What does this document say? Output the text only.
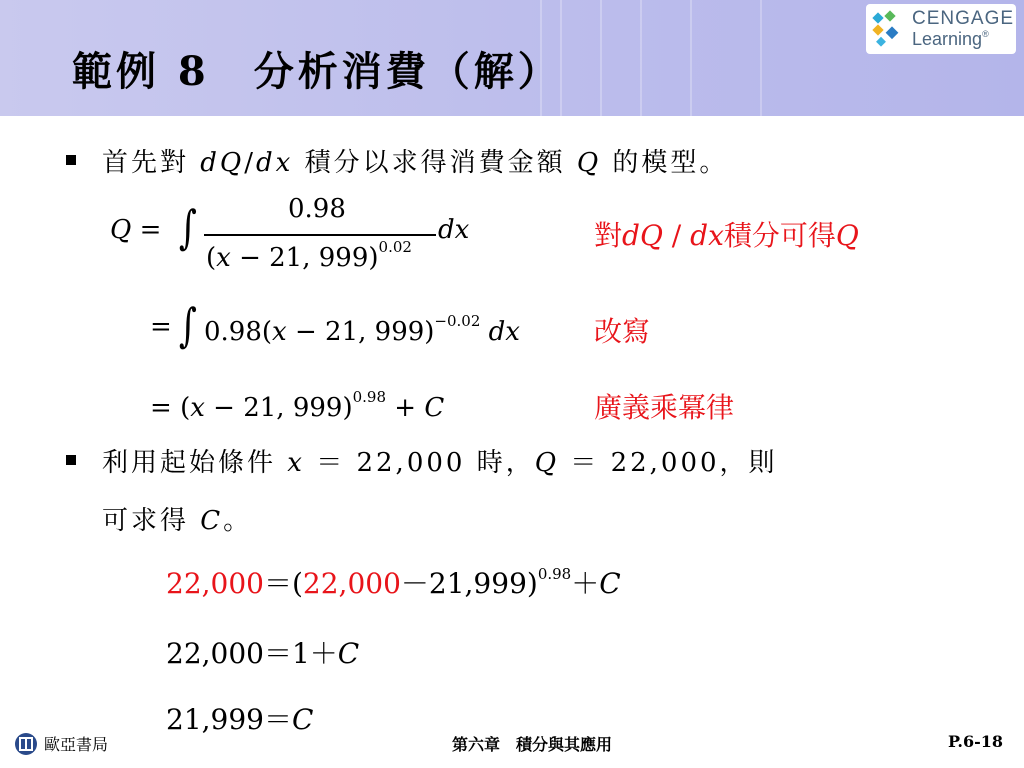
範例 8　分析消費（解）
CENGAGE
Learning®
首先對 dQ/dx 積分以求得消費金額 Q 的模型。
Q = ∫	0.98
(x − 21, 999)$^{0.02}$
dx
= ∫ 0.98(x − 21, 999)$^{-0.02}$ dx
= (x − 21, 999)$^{0.98}$ + C
對dQ / dx積分可得Q
改寫
廣義乘冪律
利用起始條件 x ＝ 22,000 時，Q ＝ 22,000，則
可求得 C。
$22,000=(22,000-21,999)^{0.98}+C$
22,000＝1＋C
21,999＝C
歐亞書局	第六章　積分與其應用	P.6-18
